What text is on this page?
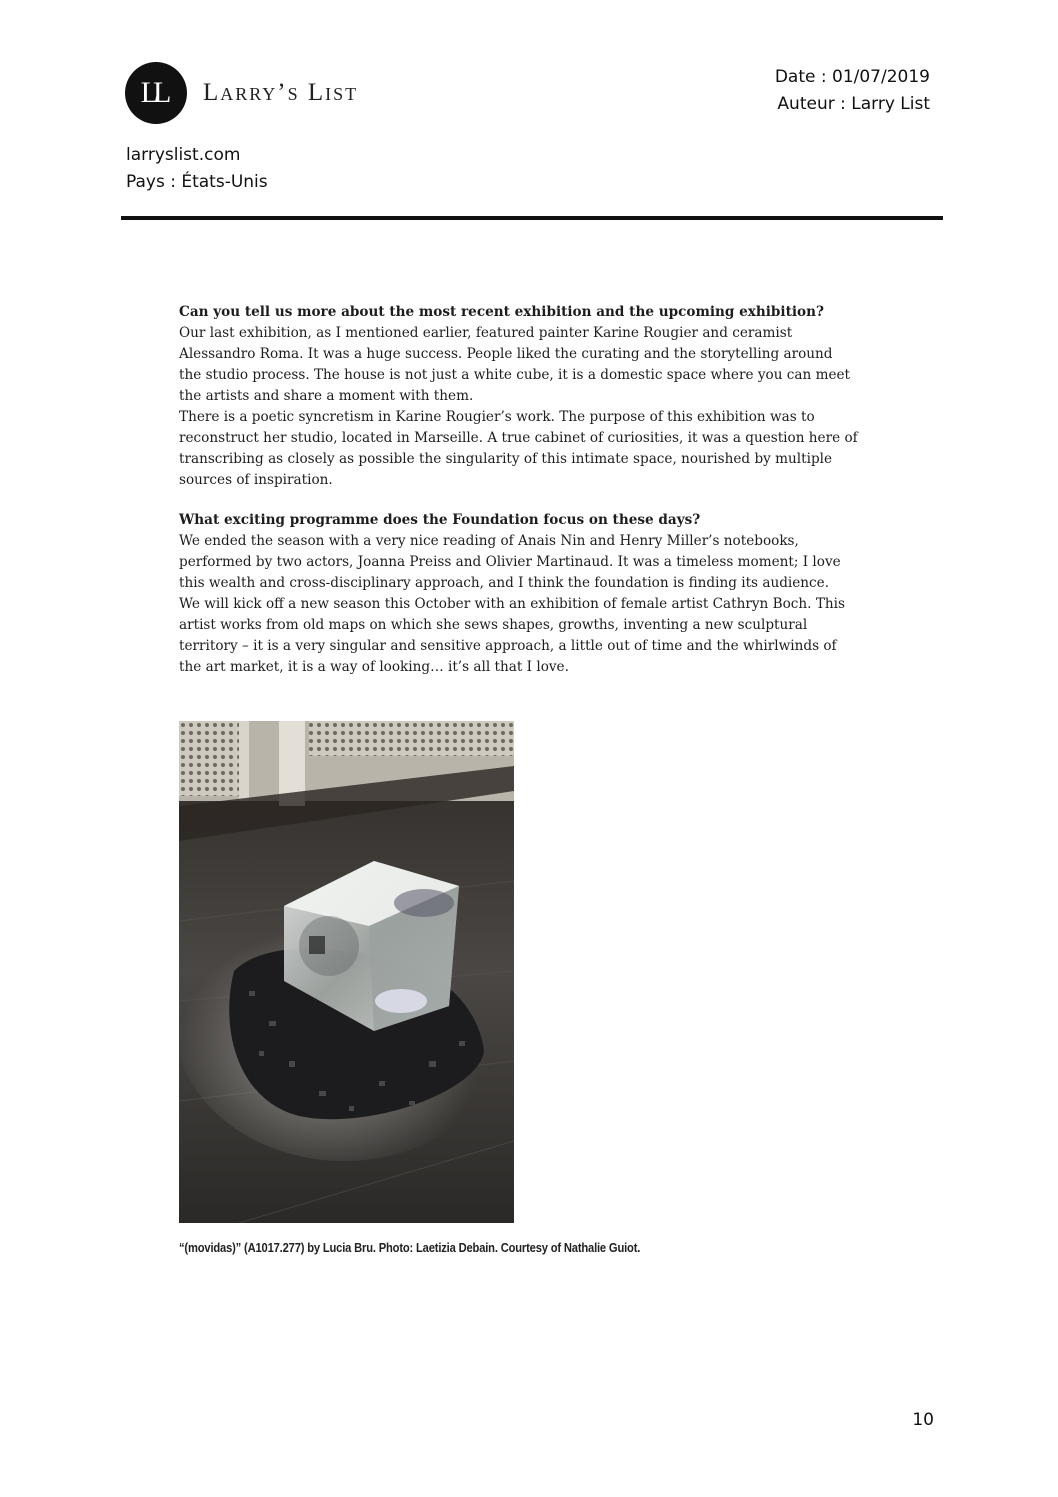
LL	Larry’s List
Date : 01/07/2019
Auteur : Larry List
larryslist.com
Pays : États-Unis
Can you tell us more about the most recent exhibition and the upcoming exhibition?

Our last exhibition, as I mentioned earlier, featured painter Karine Rougier and ceramist Alessandro Roma. It was a huge success. People liked the curating and the storytelling around the studio process. The house is not just a white cube, it is a domestic space where you can meet the artists and share a moment with them.

There is a poetic syncretism in Karine Rougier’s work. The purpose of this exhibition was to reconstruct her studio, located in Marseille. A true cabinet of curiosities, it was a question here of transcribing as closely as possible the singularity of this intimate space, nourished by multiple sources of inspiration.

What exciting programme does the Foundation focus on these days?

We ended the season with a very nice reading of Anais Nin and Henry Miller’s notebooks, performed by two actors, Joanna Preiss and Olivier Martinaud. It was a timeless moment; I love this wealth and cross-disciplinary approach, and I think the foundation is finding its audience.

We will kick off a new season this October with an exhibition of female artist Cathryn Boch. This artist works from old maps on which she sews shapes, growths, inventing a new sculptural territory – it is a very singular and sensitive approach, a little out of time and the whirlwinds of the art market, it is a way of looking… it’s all that I love.

“(movidas)” (A1017.277) by Lucia Bru. Photo: Laetizia Debain. Courtesy of Nathalie Guiot.
10
